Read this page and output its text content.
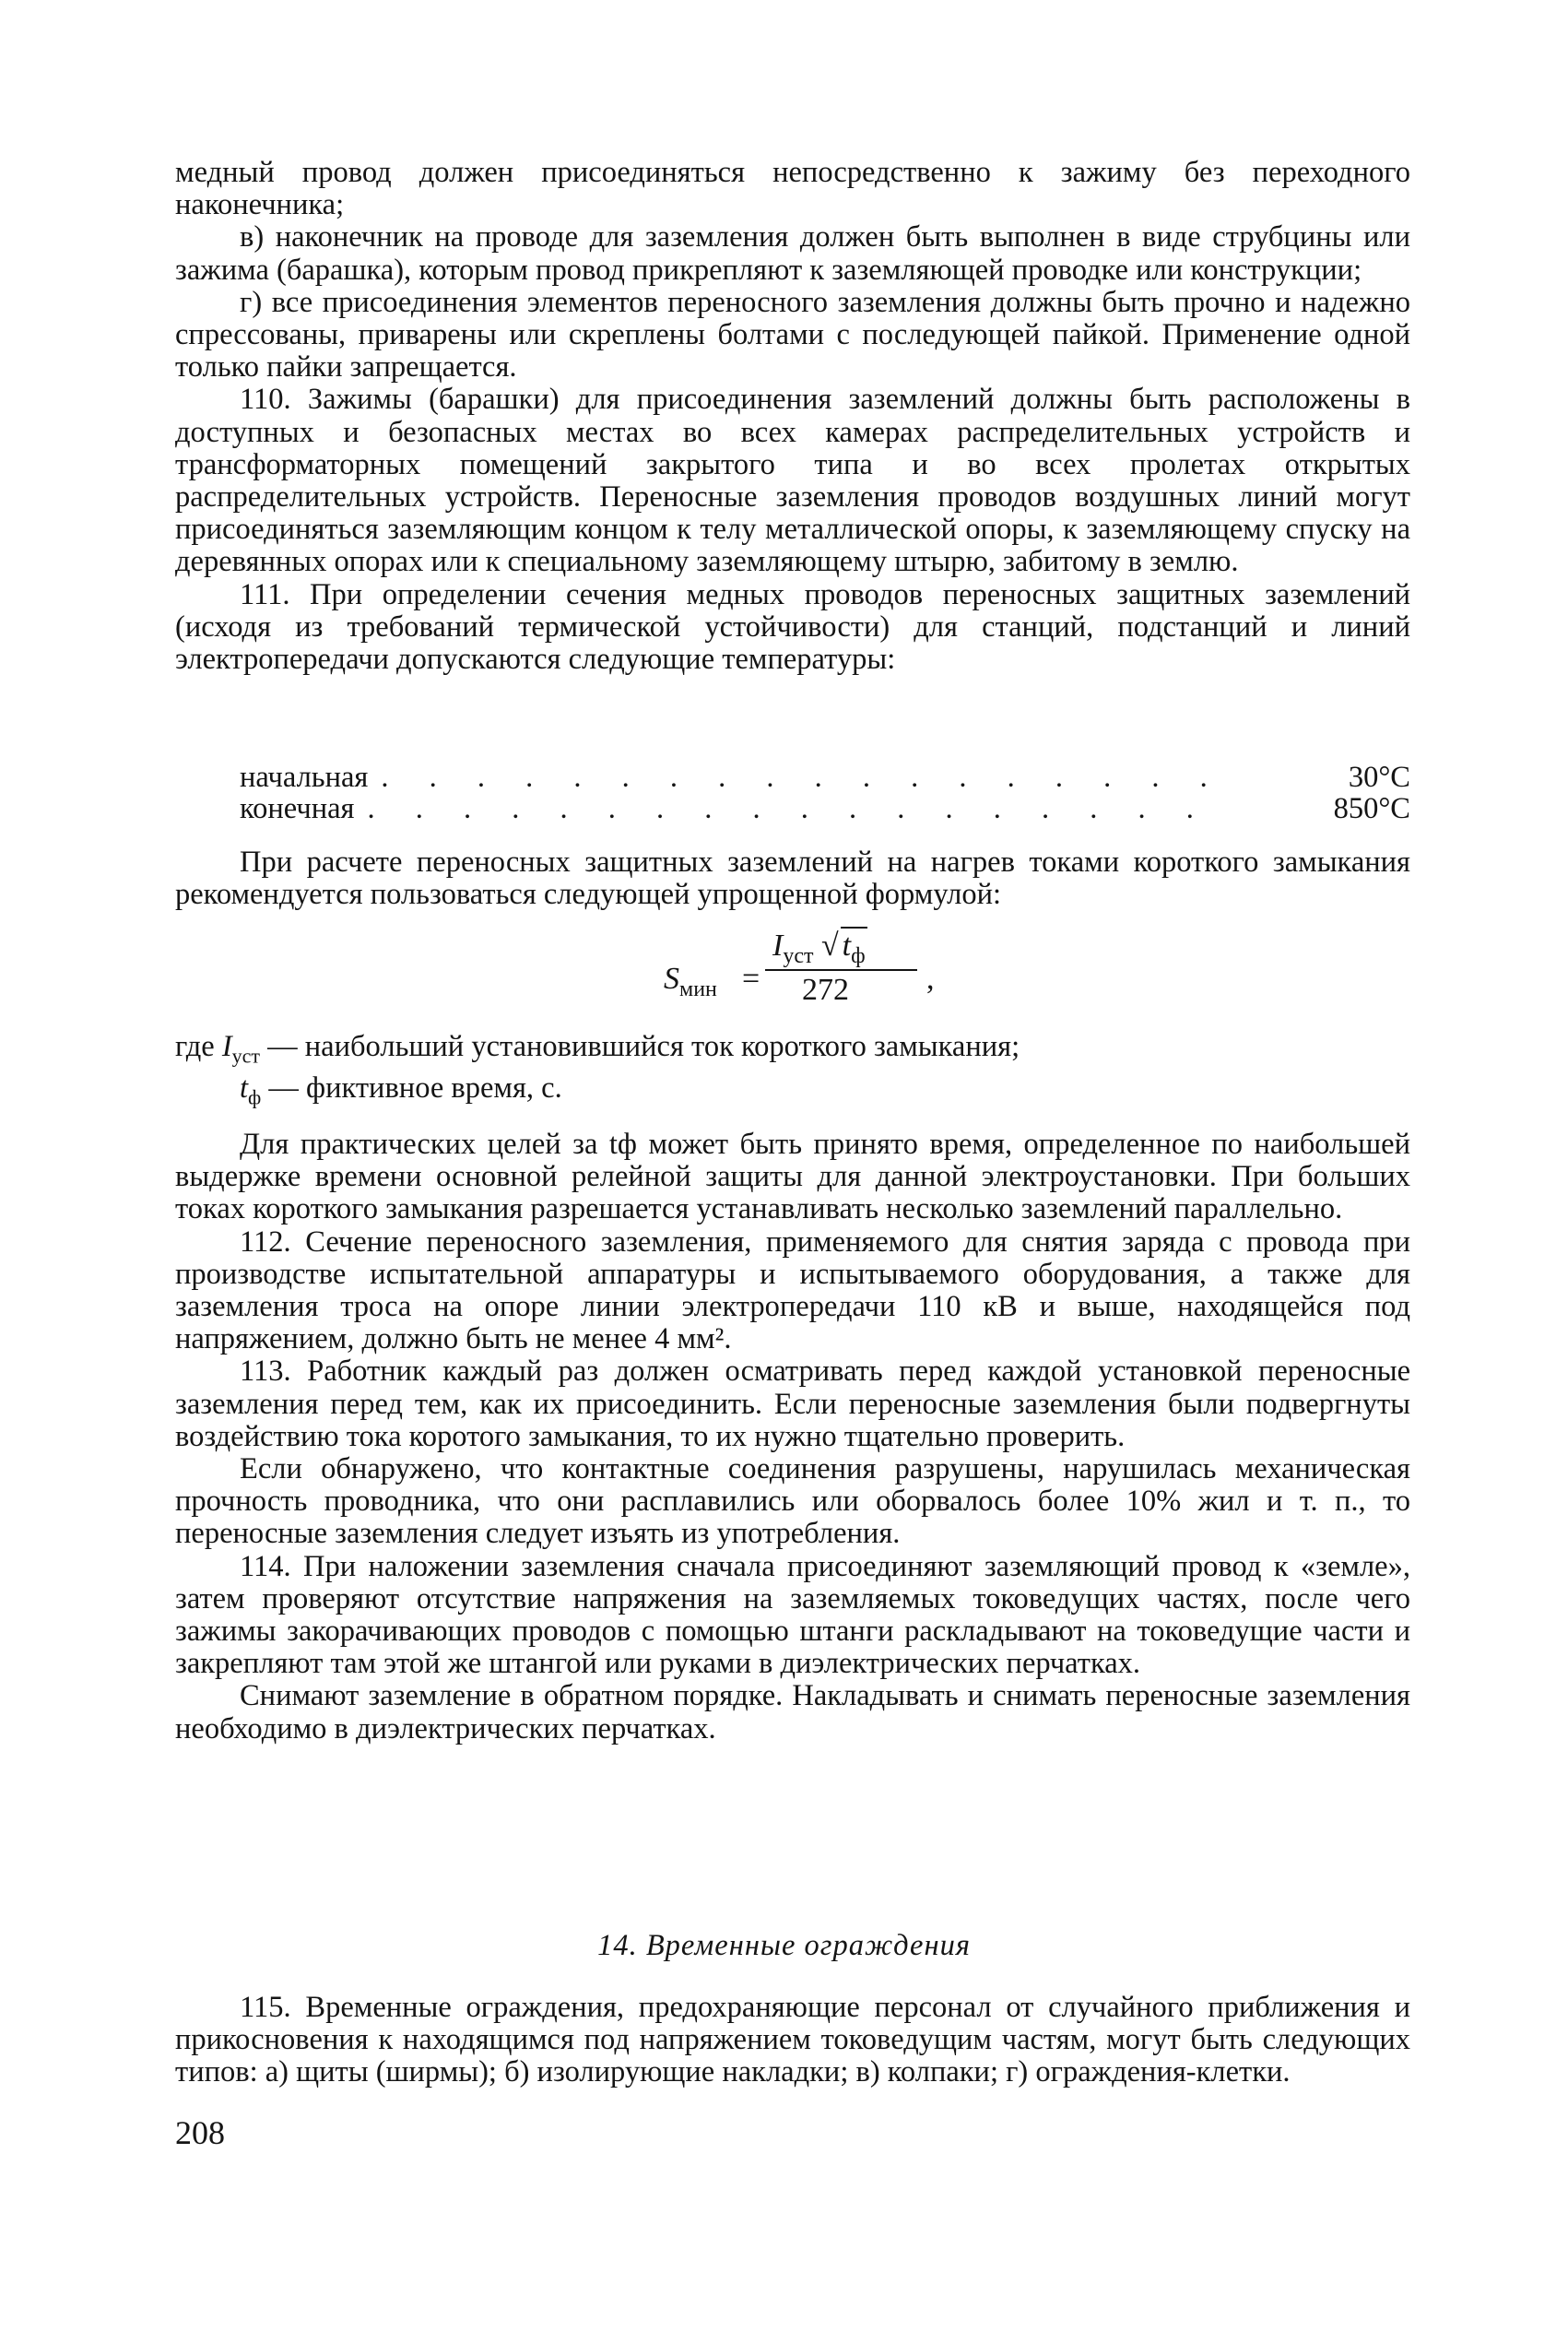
медный провод должен присоединяться непосредственно к зажиму без переходного наконечника;

в) наконечник на проводе для заземления должен быть выполнен в виде струбцины или зажима (барашка), которым провод прикрепляют к заземляющей проводке или конструкции;

г) все присоединения элементов переносного заземления должны быть прочно и надежно спрессованы, приварены или скреплены болтами с последующей пайкой. Применение одной только пайки запрещается.

110. Зажимы (барашки) для присоединения заземлений должны быть расположены в доступных и безопасных местах во всех камерах распределительных устройств и трансформаторных помещений закрытого типа и во всех пролетах открытых распределительных устройств. Переносные заземления проводов воздушных линий могут присоединяться заземляющим концом к телу металлической опоры, к заземляющему спуску на деревянных опорах или к специальному заземляющему штырю, забитому в землю.

111. При определении сечения медных проводов переносных защитных заземлений (исходя из требований термической устойчивости) для станций, подстанций и линий электропередачи допускаются следующие температуры:

начальная . . . . . . . . . . . . . . . . . .	30°C
конечная . . . . . . . . . . . . . . . . . .	850°C

При расчете переносных защитных заземлений на нагрев токами короткого замыкания рекомендуется пользоваться следующей упрощенной формулой:

$S_{мин}$ =
$I_{уст}$ √ $t_ф$
272 ,
где $I_{уст}$ — наибольший установившийся ток короткого замыкания;
$t_ф$ — фиктивное время, с.

Для практических целей за tф может быть принято время, определенное по наибольшей выдержке времени основной релейной защиты для данной электроустановки. При больших токах короткого замыкания разрешается устанавливать несколько заземлений параллельно.

112. Сечение переносного заземления, применяемого для снятия заряда с провода при производстве испытательной аппаратуры и испытываемого оборудования, а также для заземления троса на опоре линии электропередачи 110 кВ и выше, находящейся под напряжением, должно быть не менее 4 мм².

113. Работник каждый раз должен осматривать перед каждой установкой переносные заземления перед тем, как их присоединить. Если переносные заземления были подвергнуты воздействию тока коротого замыкания, то их нужно тщательно проверить.

Если обнаружено, что контактные соединения разрушены, нарушилась механическая прочность проводника, что они расплавились или оборвалось более 10% жил и т. п., то переносные заземления следует изъять из употребления.

114. При наложении заземления сначала присоединяют заземляющий провод к «земле», затем проверяют отсутствие напряжения на заземляемых токоведущих частях, после чего зажимы закорачивающих проводов с помощью штанги раскладывают на токоведущие части и закрепляют там этой же штангой или руками в диэлектрических перчатках.

Снимают заземление в обратном порядке. Накладывать и снимать переносные заземления необходимо в диэлектрических перчатках.

14. Временные ограждения

115. Временные ограждения, предохраняющие персонал от случайного приближения и прикосновения к находящимся под напряжением токоведущим частям, могут быть следующих типов: а) щиты (ширмы); б) изолирующие накладки; в) колпаки; г) ограждения-клетки.

208
